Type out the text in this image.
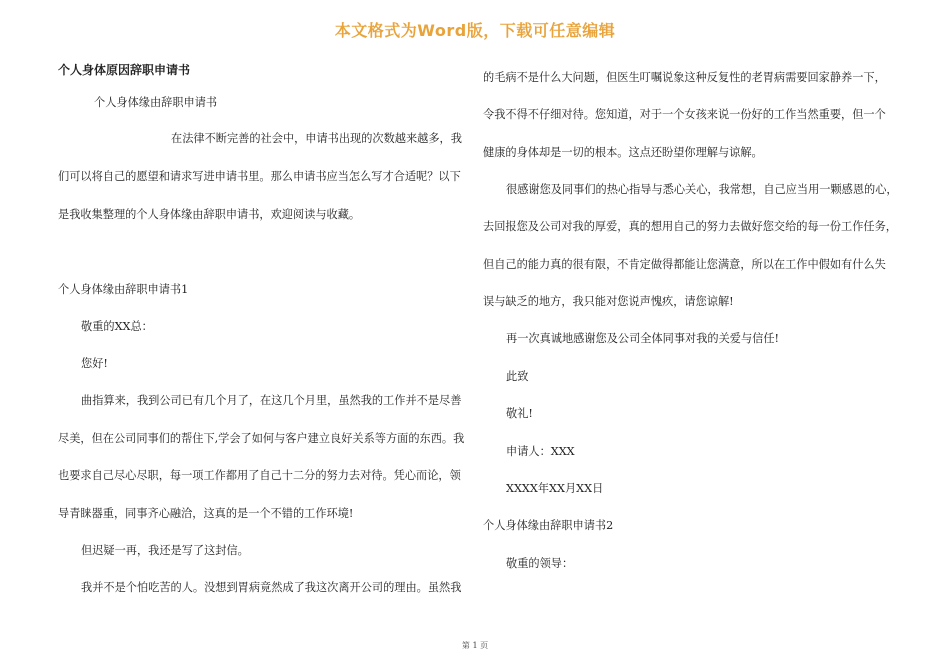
本文格式为Word版，下载可任意编辑
个人身体原因辞职申请书
个人身体缘由辞职申请书
在法律不断完善的社会中，申请书出现的次数越来越多，我
们可以将自己的愿望和请求写进申请书里。那么申请书应当怎么写才合适呢？以下
是我收集整理的个人身体缘由辞职申请书，欢迎阅读与收藏。
个人身体缘由辞职申请书1
敬重的XX总：
您好!
曲指算来，我到公司已有几个月了，在这几个月里，虽然我的工作并不是尽善
尽美，但在公司同事们的帮住下,学会了如何与客户建立良好关系等方面的东西。我
也要求自己尽心尽职，每一项工作都用了自己十二分的努力去对待。凭心而论，领
导青睐器重，同事齐心融洽，这真的是一个不错的工作环境!
但迟疑一再，我还是写了这封信。
我并不是个怕吃苦的人。没想到胃病竟然成了我这次离开公司的理由。虽然我
的毛病不是什么大问题，但医生叮嘱说象这种反复性的老胃病需要回家静养一下，
令我不得不仔细对待。您知道，对于一个女孩来说一份好的工作当然重要，但一个
健康的身体却是一切的根本。这点还盼望你理解与谅解。
很感谢您及同事们的热心指导与悉心关心，我常想，自己应当用一颗感恩的心，
去回报您及公司对我的厚爱，真的想用自己的努力去做好您交给的每一份工作任务，
但自己的能力真的很有限，不肯定做得都能让您满意，所以在工作中假如有什么失
误与缺乏的地方，我只能对您说声愧疚，请您谅解!
再一次真诚地感谢您及公司全体同事对我的关爱与信任!
此致
敬礼!
申请人：XXX
XXXX年XX月XX日
个人身体缘由辞职申请书2
敬重的领导：
第 1 页
